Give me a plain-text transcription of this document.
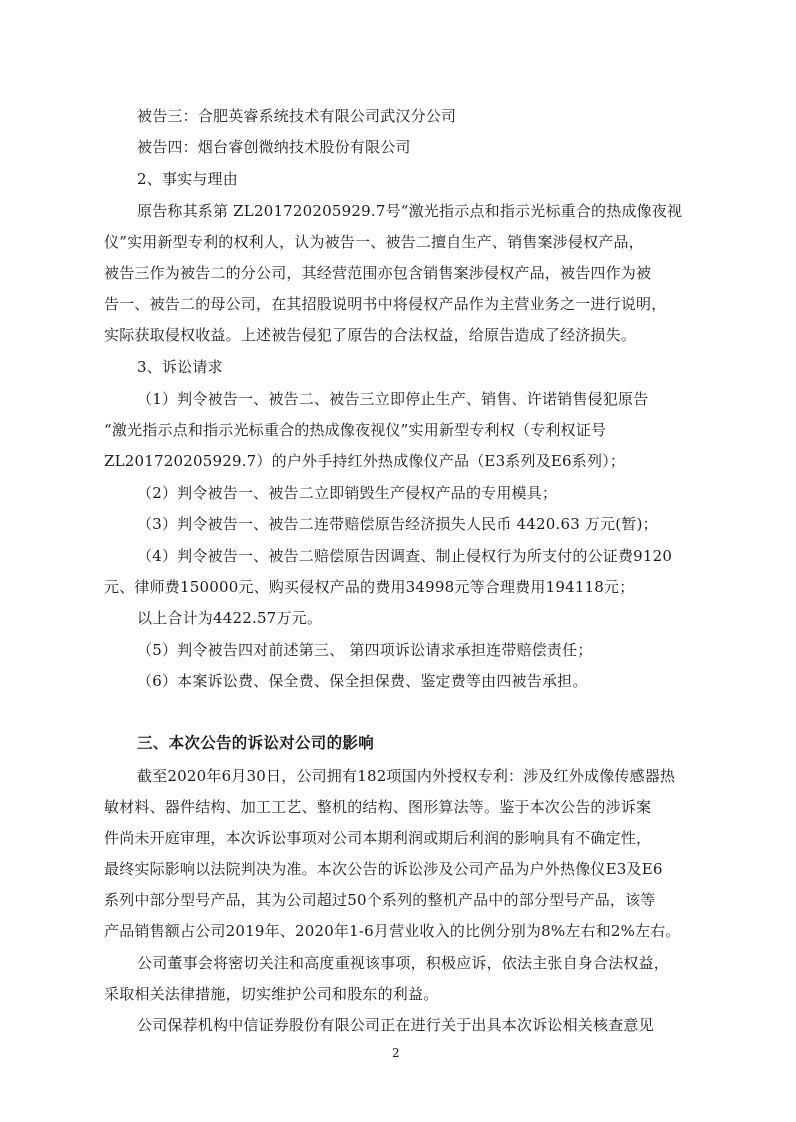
被告三：合肥英睿系统技术有限公司武汉分公司
被告四：烟台睿创微纳技术股份有限公司
2、事实与理由
原告称其系第 ZL201720205929.7号“激光指示点和指示光标重合的热成像夜视
仪”实用新型专利的权利人，认为被告一、被告二擅自生产、销售案涉侵权产品，
被告三作为被告二的分公司，其经营范围亦包含销售案涉侵权产品，被告四作为被
告一、被告二的母公司，在其招股说明书中将侵权产品作为主营业务之一进行说明，
实际获取侵权收益。上述被告侵犯了原告的合法权益，给原告造成了经济损失。
3、诉讼请求
（1）判令被告一、被告二、被告三立即停止生产、销售、许诺销售侵犯原告
“激光指示点和指示光标重合的热成像夜视仪”实用新型专利权（专利权证号
ZL201720205929.7）的户外手持红外热成像仪产品（E3系列及E6系列）；
（2）判令被告一、被告二立即销毁生产侵权产品的专用模具；
（3）判令被告一、被告二连带赔偿原告经济损失人民币 4420.63 万元(暂)；
（4）判令被告一、被告二赔偿原告因调查、制止侵权行为所支付的公证费9120
元、律师费150000元、购买侵权产品的费用34998元等合理费用194118元；
以上合计为4422.57万元。
（5）判令被告四对前述第三、 第四项诉讼请求承担连带赔偿责任；
（6）本案诉讼费、保全费、保全担保费、鉴定费等由四被告承担。
三、本次公告的诉讼对公司的影响
截至2020年6月30日，公司拥有182项国内外授权专利：涉及红外成像传感器热
敏材料、器件结构、加工工艺、整机的结构、图形算法等。鉴于本次公告的涉诉案
件尚未开庭审理，本次诉讼事项对公司本期利润或期后利润的影响具有不确定性，
最终实际影响以法院判决为准。本次公告的诉讼涉及公司产品为户外热像仪E3及E6
系列中部分型号产品，其为公司超过50个系列的整机产品中的部分型号产品，该等
产品销售额占公司2019年、2020年1-6月营业收入的比例分别为8%左右和2%左右。
公司董事会将密切关注和高度重视该事项，积极应诉，依法主张自身合法权益，
采取相关法律措施，切实维护公司和股东的利益。
公司保荐机构中信证券股份有限公司正在进行关于出具本次诉讼相关核查意见
2
